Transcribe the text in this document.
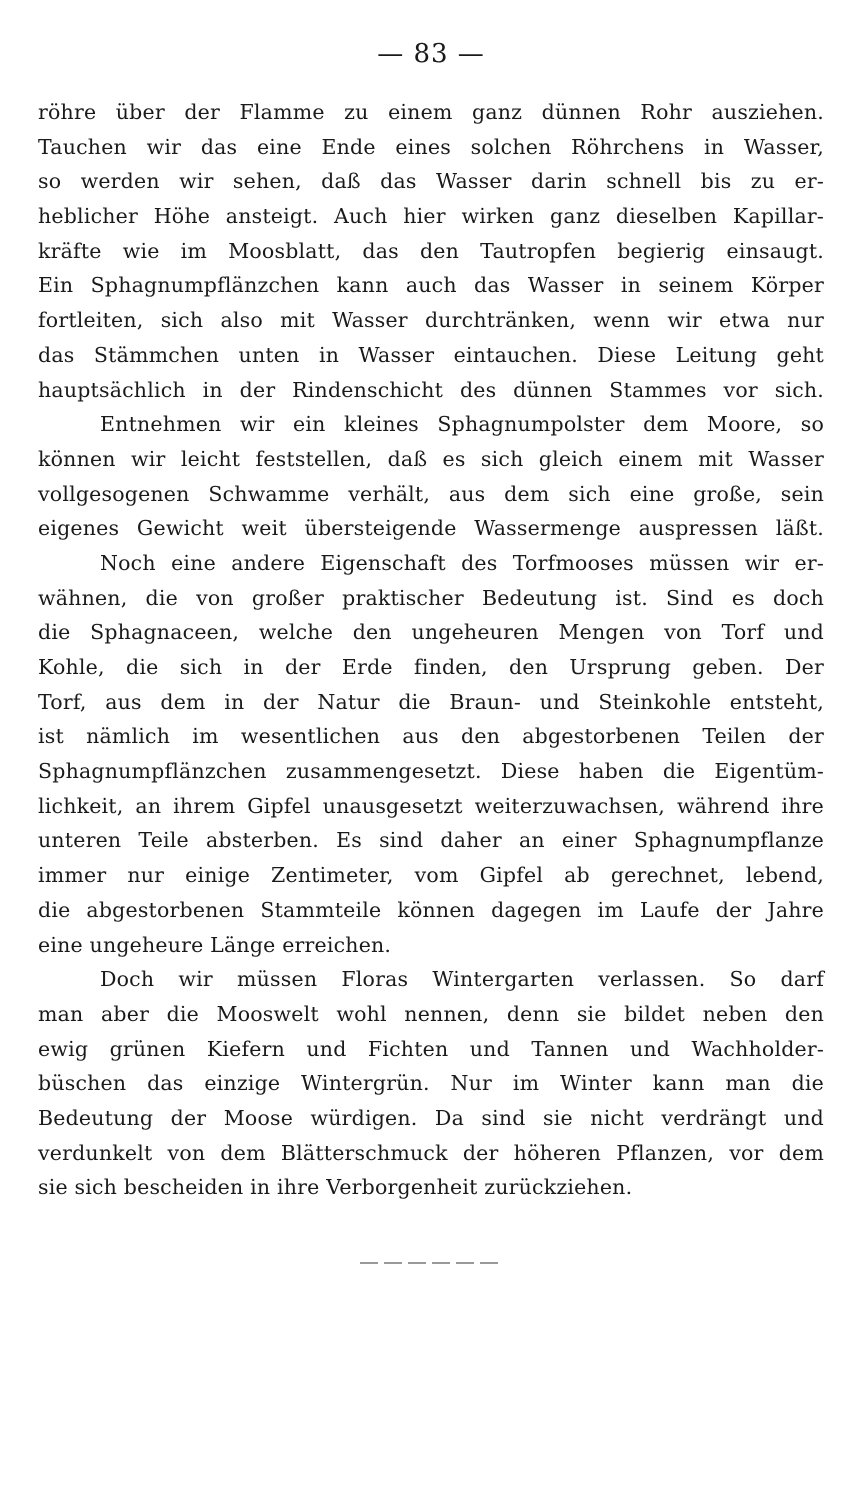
— 83 —
röhre über der Flamme zu einem ganz dünnen Rohr ausziehen.
Tauchen wir das eine Ende eines solchen Röhrchens in Wasser,
so werden wir sehen, daß das Wasser darin schnell bis zu er-
heblicher Höhe ansteigt. Auch hier wirken ganz dieselben Kapillar-
kräfte wie im Moosblatt, das den Tautropfen begierig einsaugt.
Ein Sphagnumpflänzchen kann auch das Wasser in seinem Körper
fortleiten, sich also mit Wasser durchtränken, wenn wir etwa nur
das Stämmchen unten in Wasser eintauchen. Diese Leitung geht
hauptsächlich in der Rindenschicht des dünnen Stammes vor sich.
Entnehmen wir ein kleines Sphagnumpolster dem Moore, so
können wir leicht feststellen, daß es sich gleich einem mit Wasser
vollgesogenen Schwamme verhält, aus dem sich eine große, sein
eigenes Gewicht weit übersteigende Wassermenge auspressen läßt.
Noch eine andere Eigenschaft des Torfmooses müssen wir er-
wähnen, die von großer praktischer Bedeutung ist. Sind es doch
die Sphagnaceen, welche den ungeheuren Mengen von Torf und
Kohle, die sich in der Erde finden, den Ursprung geben. Der
Torf, aus dem in der Natur die Braun- und Steinkohle entsteht,
ist nämlich im wesentlichen aus den abgestorbenen Teilen der
Sphagnumpflänzchen zusammengesetzt. Diese haben die Eigentüm-
lichkeit, an ihrem Gipfel unausgesetzt weiterzuwachsen, während ihre
unteren Teile absterben. Es sind daher an einer Sphagnumpflanze
immer nur einige Zentimeter, vom Gipfel ab gerechnet, lebend,
die abgestorbenen Stammteile können dagegen im Laufe der Jahre
eine ungeheure Länge erreichen.
Doch wir müssen Floras Wintergarten verlassen. So darf
man aber die Mooswelt wohl nennen, denn sie bildet neben den
ewig grünen Kiefern und Fichten und Tannen und Wachholder-
büschen das einzige Wintergrün. Nur im Winter kann man die
Bedeutung der Moose würdigen. Da sind sie nicht verdrängt und
verdunkelt von dem Blätterschmuck der höheren Pflanzen, vor dem
sie sich bescheiden in ihre Verborgenheit zurückziehen.
